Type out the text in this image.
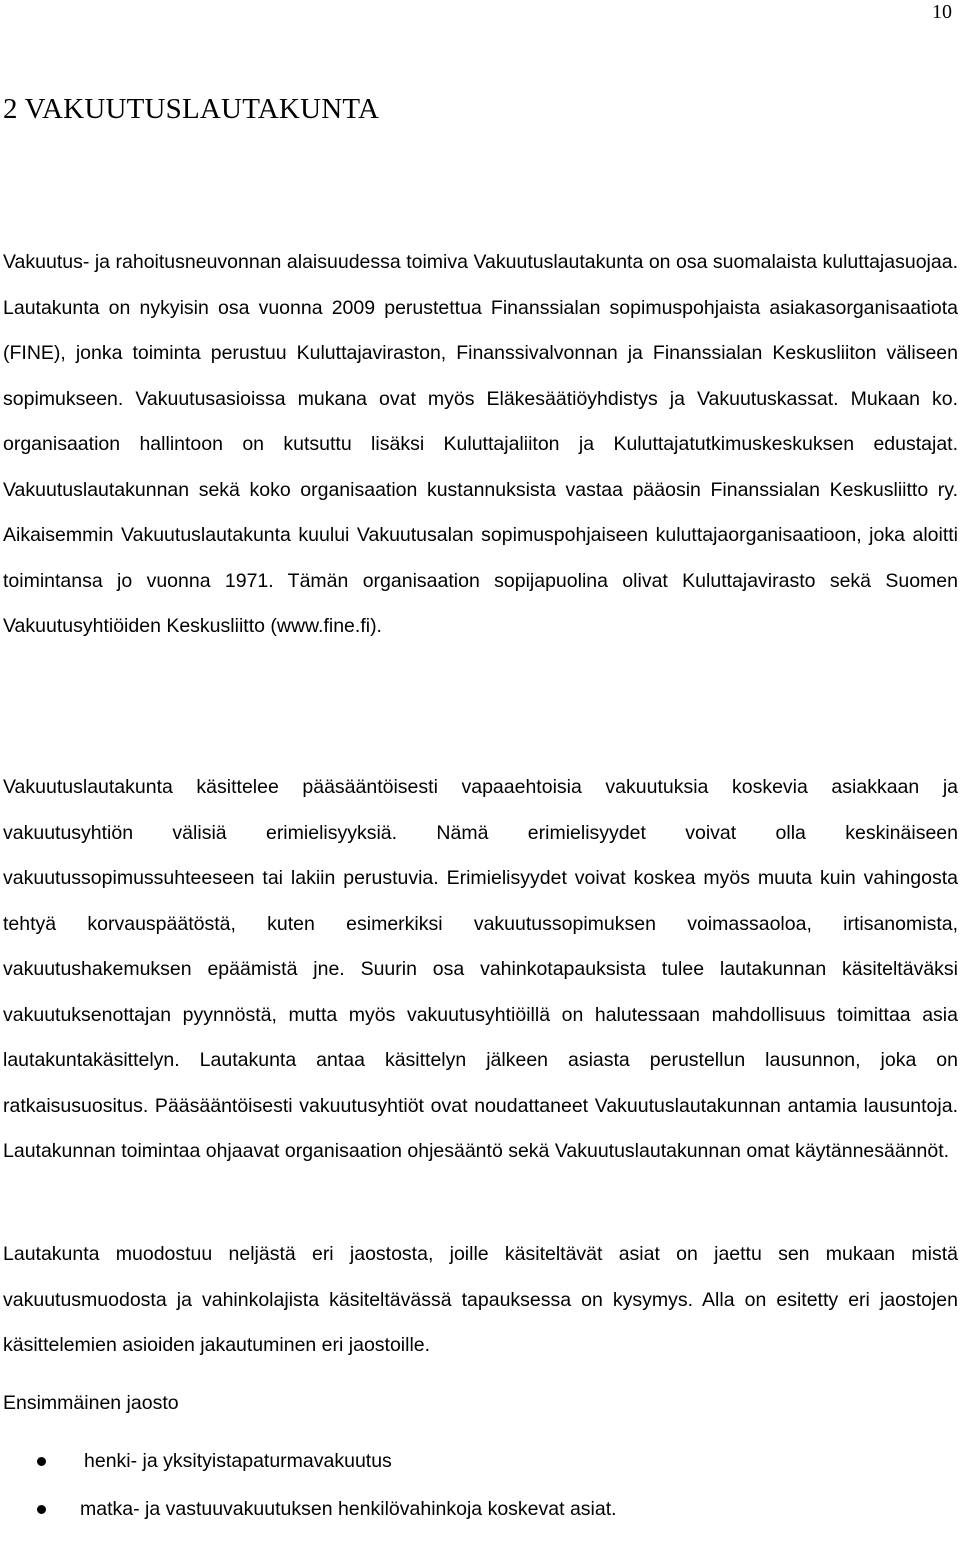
10
2 VAKUUTUSLAUTAKUNTA

Vakuutus- ja rahoitusneuvonnan alaisuudessa toimiva Vakuutuslautakunta on osa suomalaista kuluttajasuojaa. Lautakunta on nykyisin osa vuonna 2009 perustettua Finanssialan sopimuspohjaista asiakasorganisaatiota (FINE), jonka toiminta perustuu Kuluttajaviraston, Finanssivalvonnan ja Finanssialan Keskusliiton väliseen sopimukseen. Vakuutusasioissa mukana ovat myös Eläkesäätiöyhdistys ja Vakuutuskassat. Mukaan ko. organisaation hallintoon on kutsuttu lisäksi Kuluttajaliiton ja Kuluttajatutkimuskeskuksen edustajat. Vakuutuslautakunnan sekä koko organisaation kustannuksista vastaa pääosin Finanssialan Keskusliitto ry. Aikaisemmin Vakuutuslautakunta kuului Vakuutusalan sopimuspohjaiseen kuluttajaorganisaatioon, joka aloitti toimintansa jo vuonna 1971. Tämän organisaation sopijapuolina olivat Kuluttajavirasto sekä Suomen Vakuutusyhtiöiden Keskusliitto (www.fine.fi).

Vakuutuslautakunta käsittelee pääsääntöisesti vapaaehtoisia vakuutuksia koskevia asiakkaan ja vakuutusyhtiön välisiä erimielisyyksiä. Nämä erimielisyydet voivat olla keskinäiseen vakuutussopimussuhteeseen tai lakiin perustuvia. Erimielisyydet voivat koskea myös muuta kuin vahingosta tehtyä korvauspäätöstä, kuten esimerkiksi vakuutussopimuksen voimassaoloa, irtisanomista, vakuutushakemuksen epäämistä jne. Suurin osa vahinkotapauksista tulee lautakunnan käsiteltäväksi vakuutuksenottajan pyynnöstä, mutta myös vakuutusyhtiöillä on halutessaan mahdollisuus toimittaa asia lautakuntakäsittelyn. Lautakunta antaa käsittelyn jälkeen asiasta perustellun lausunnon, joka on ratkaisusuositus. Pääsääntöisesti vakuutusyhtiöt ovat noudattaneet Vakuutuslautakunnan antamia lausuntoja. Lautakunnan toimintaa ohjaavat organisaation ohjesääntö sekä Vakuutuslautakunnan omat käytännesäännöt.

Lautakunta muodostuu neljästä eri jaostosta, joille käsiteltävät asiat on jaettu sen mukaan mistä vakuutusmuodosta ja vahinkolajista käsiteltävässä tapauksessa on kysymys. Alla on esitetty eri jaostojen käsittelemien asioiden jakautuminen eri jaostoille.

Ensimmäinen jaosto
henki- ja yksityistapaturmavakuutus
matka- ja vastuuvakuutuksen henkilövahinkoja koskevat asiat.
